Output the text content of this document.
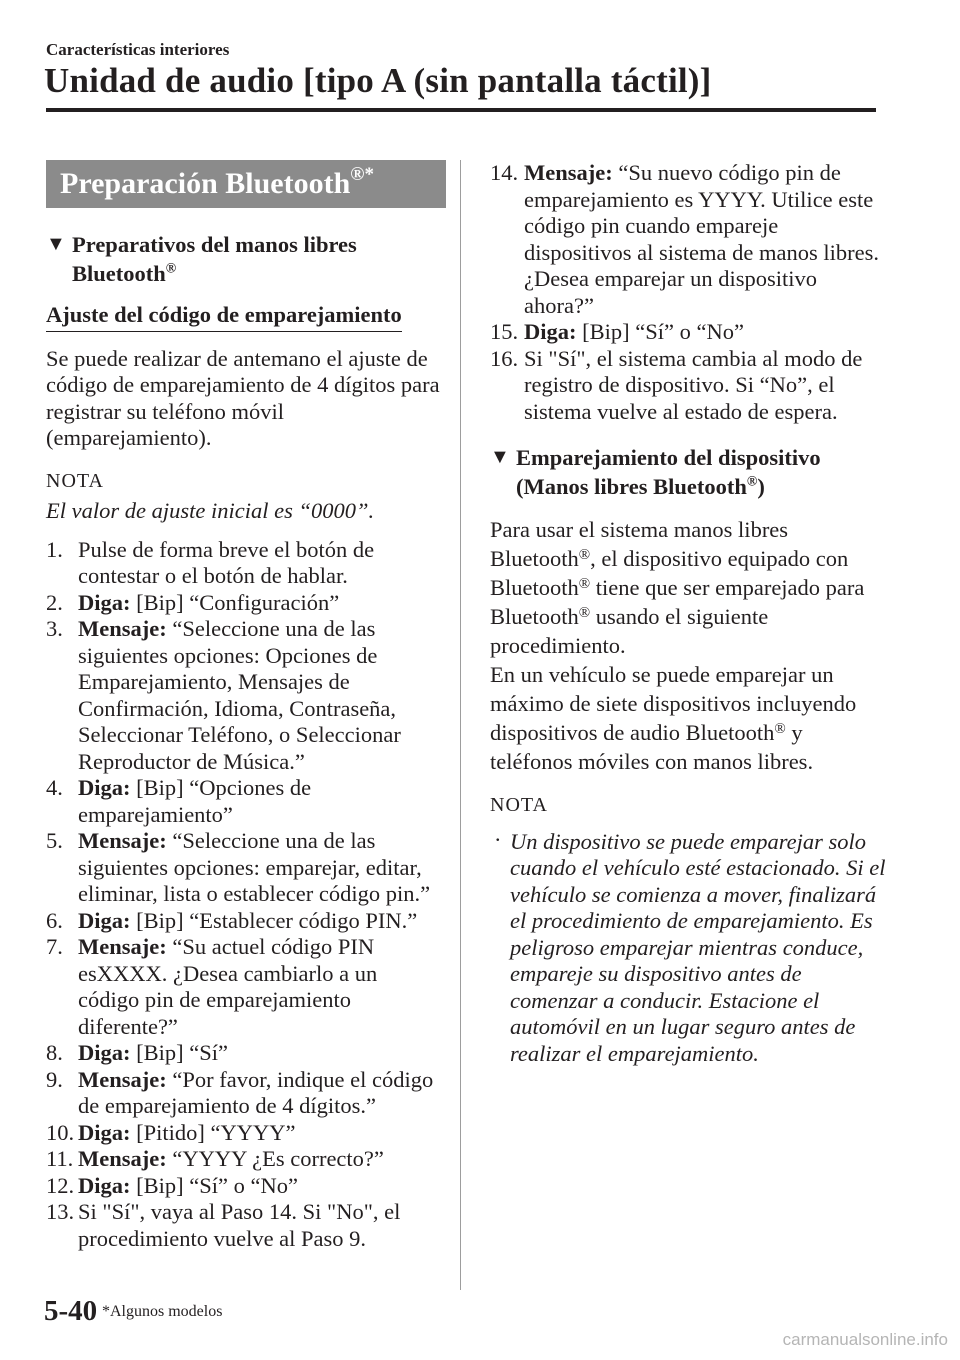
Características interiores
Unidad de audio [tipo A (sin pantalla táctil)]
Preparación Bluetooth®*
▼ Preparativos del manos libres
Bluetooth®
Ajuste del código de emparejamiento

Se puede realizar de antemano el ajuste de código de emparejamiento de 4 dígitos para registrar su teléfono móvil (emparejamiento).

NOTA
El valor de ajuste inicial es “0000”.
1. Pulse de forma breve el botón de contestar o el botón de hablar.
2. Diga: [Bip] “Configuración”
3. Mensaje: “Seleccione una de las siguientes opciones: Opciones de Emparejamiento, Mensajes de Confirmación, Idioma, Contraseña, Seleccionar Teléfono, o Seleccionar Reproductor de Música.”
4. Diga: [Bip] “Opciones de emparejamiento”
5. Mensaje: “Seleccione una de las siguientes opciones: emparejar, editar, eliminar, lista o establecer código pin.”
6. Diga: [Bip] “Establecer código PIN.”
7. Mensaje: “Su actuel código PIN esXXXX. ¿Desea cambiarlo a un código pin de emparejamiento diferente?”
8. Diga: [Bip] “Sí”
9. Mensaje: “Por favor, indique el código de emparejamiento de 4 dígitos.”
10. Diga: [Pitido] “YYYY”
11. Mensaje: “YYYY ¿Es correcto?”
12. Diga: [Bip] “Sí” o “No”
13. Si "Sí", vaya al Paso 14. Si "No", el procedimiento vuelve al Paso 9.
14. Mensaje: “Su nuevo código pin de emparejamiento es YYYY. Utilice este código pin cuando empareje dispositivos al sistema de manos libres. ¿Desea emparejar un dispositivo ahora?”
15. Diga: [Bip] “Sí” o “No”
16. Si "Sí", el sistema cambia al modo de registro de dispositivo. Si “No”, el sistema vuelve al estado de espera.
▼ Emparejamiento del dispositivo
(Manos libres Bluetooth®)

Para usar el sistema manos libres Bluetooth®, el dispositivo equipado con Bluetooth® tiene que ser emparejado para Bluetooth® usando el siguiente procedimiento.
En un vehículo se puede emparejar un máximo de siete dispositivos incluyendo dispositivos de audio Bluetooth® y teléfonos móviles con manos libres.

NOTA
· Un dispositivo se puede emparejar solo cuando el vehículo esté estacionado. Si el vehículo se comienza a mover, finalizará el procedimiento de emparejamiento. Es peligroso emparejar mientras conduce, empareje su dispositivo antes de comenzar a conducir. Estacione el automóvil en un lugar seguro antes de realizar el emparejamiento.
5-40 *Algunos modelos
carmanualsonline.info
